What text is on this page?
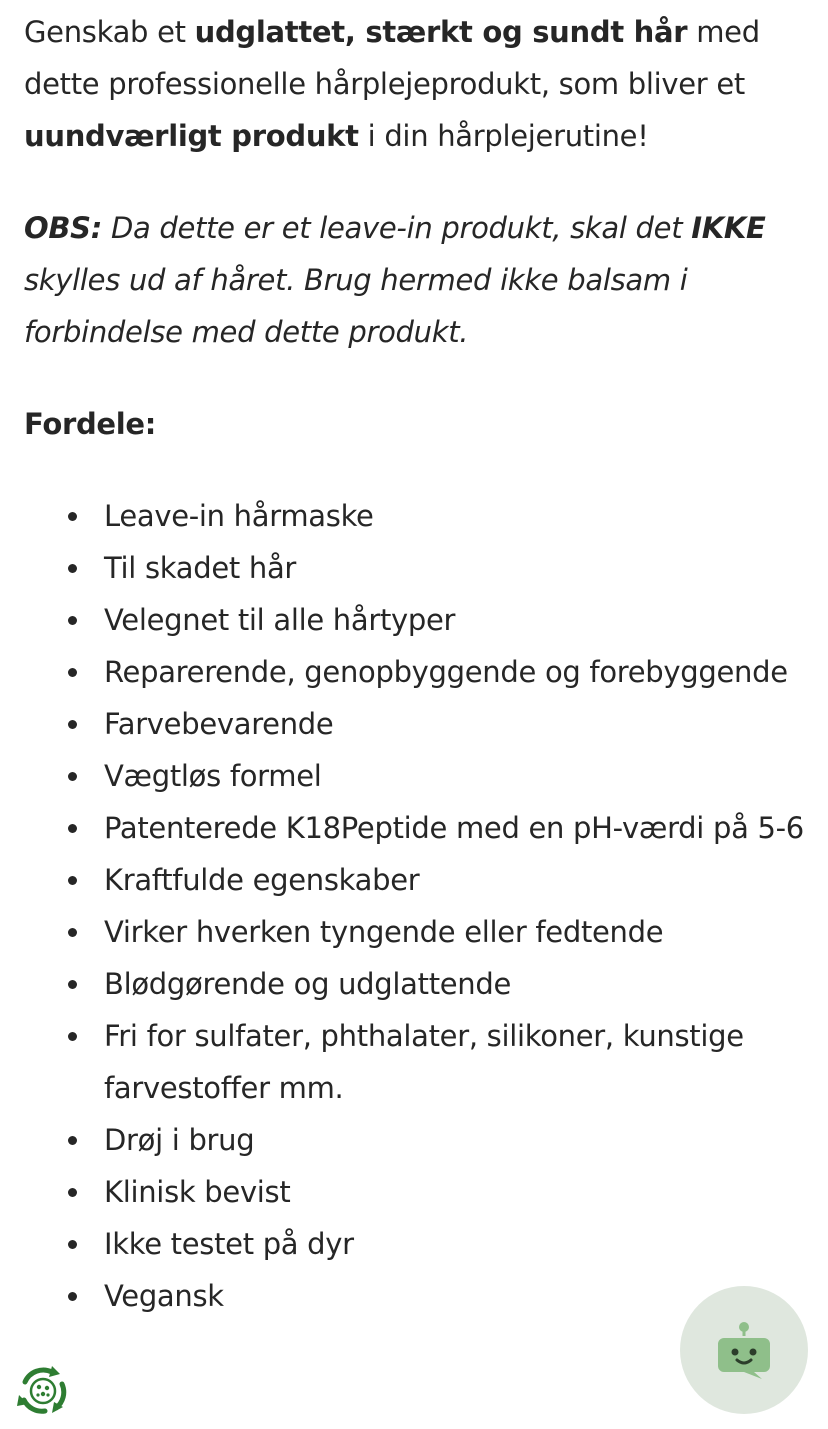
Genskab et udglattet, stærkt og sundt hår med dette professionelle hårplejeprodukt, som bliver et uundværligt produkt i din hårplejerutine!

OBS: Da dette er et leave-in produkt, skal det IKKE skylles ud af håret. Brug hermed ikke balsam i forbindelse med dette produkt.

Fordele:

Leave-in hårmaske
Til skadet hår
Velegnet til alle hårtyper
Reparerende, genopbyggende og forebyggende
Farvebevarende
Vægtløs formel
Patenterede K18Peptide med en pH-værdi på 5-6
Kraftfulde egenskaber
Virker hverken tyngende eller fedtende
Blødgørende og udglattende
Fri for sulfater, phthalater, silikoner, kunstige farvestoffer mm.
Drøj i brug
Klinisk bevist
Ikke testet på dyr
Vegansk
